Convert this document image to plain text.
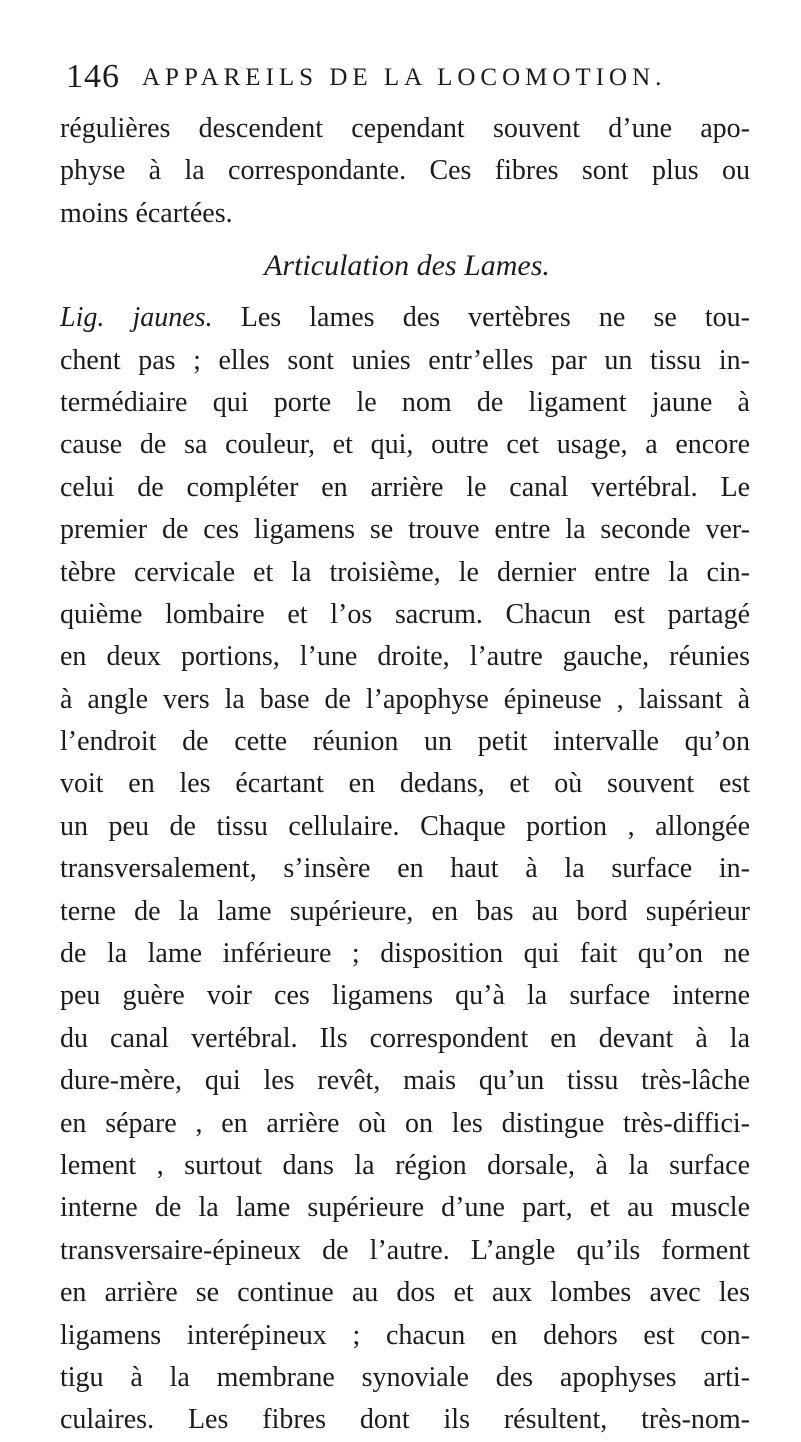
146 APPAREILS DE LA LOCOMOTION.
régulières descendent cependant souvent d’une apo-
physe à la correspondante. Ces fibres sont plus ou
moins écartées.
Articulation des Lames.
Lig. jaunes. Les lames des vertèbres ne se tou-
chent pas ; elles sont unies entr’elles par un tissu in-
termédiaire qui porte le nom de ligament jaune à
cause de sa couleur, et qui, outre cet usage, a encore
celui de compléter en arrière le canal vertébral. Le
premier de ces ligamens se trouve entre la seconde ver-
tèbre cervicale et la troisième, le dernier entre la cin-
quième lombaire et l’os sacrum. Chacun est partagé
en deux portions, l’une droite, l’autre gauche, réunies
à angle vers la base de l’apophyse épineuse , laissant à
l’endroit de cette réunion un petit intervalle qu’on
voit en les écartant en dedans, et où souvent est
un peu de tissu cellulaire. Chaque portion , allongée
transversalement, s’insère en haut à la surface in-
terne de la lame supérieure, en bas au bord supérieur
de la lame inférieure ; disposition qui fait qu’on ne
peu guère voir ces ligamens qu’à la surface interne
du canal vertébral. Ils correspondent en devant à la
dure-mère, qui les revêt, mais qu’un tissu très-lâche
en sépare , en arrière où on les distingue très-diffici-
lement , surtout dans la région dorsale, à la surface
interne de la lame supérieure d’une part, et au muscle
transversaire-épineux de l’autre. L’angle qu’ils forment
en arrière se continue au dos et aux lombes avec les
ligamens interépineux ; chacun en dehors est con-
tigu à la membrane synoviale des apophyses arti-
culaires. Les fibres dont ils résultent, très-nom-
